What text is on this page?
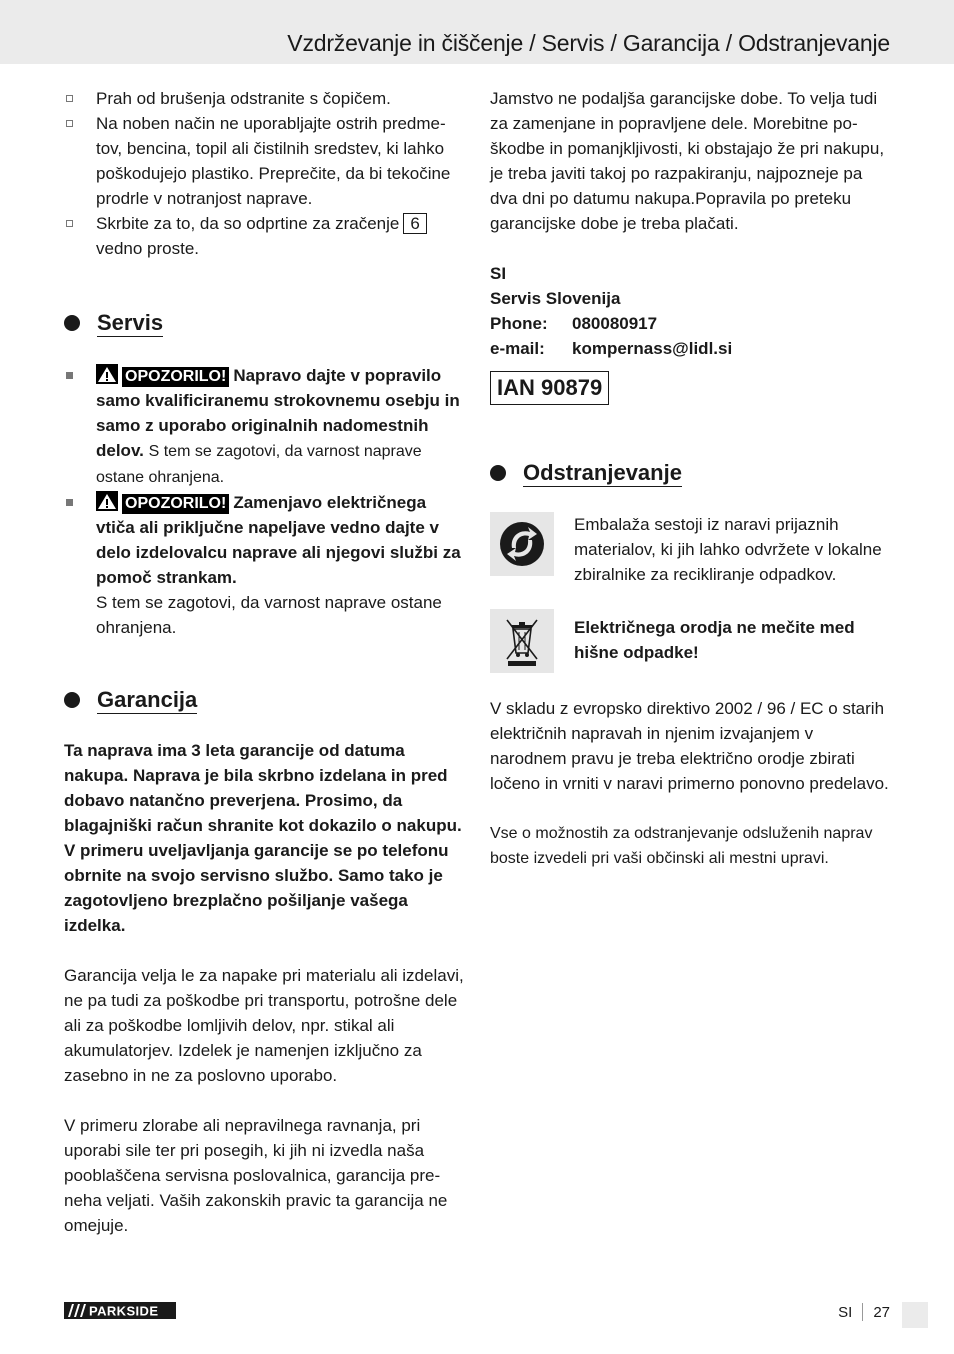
Vzdrževanje in čiščenje / Servis / Garancija / Odstranjevanje

Prah od brušenja odstranite s čopičem.

Na noben način ne uporabljajte ostrih predmetov, bencina, topil ali čistilnih sredstev, ki lahko poškodujejo plastiko. Preprečite, da bi tekočine prodrle v notranjost naprave.

Skrbite za to, da so odprtine za zračenje 6
vedno proste.

Servis

OPOZORILO! Napravo dajte v popravilo samo kvalificiranemu strokovnemu osebju in samo z uporabo originalnih nadomestnih delov. S tem se zagotovi, da varnost naprave ostane ohranjena.

OPOZORILO! Zamenjavo električnega vtiča ali priključne napeljave vedno dajte v delo izdelovalcu naprave ali njegovi službi za pomoč strankam.
S tem se zagotovi, da varnost naprave ostane ohranjena.

Garancija

Ta naprava ima 3 leta garancije od datuma nakupa. Naprava je bila skrbno izdelana in pred dobavo natančno preverjena. Prosimo, da blagajniški račun shranite kot dokazilo o nakupu. V primeru uveljavljanja garancije se po telefonu obrnite na svojo servisno službo. Samo tako je zagotovljeno brezplačno pošiljanje vašega izdelka.

Garancija velja le za napake pri materialu ali izdelavi, ne pa tudi za poškodbe pri transportu, potrošne dele ali za poškodbe lomljivih delov, npr. stikal ali akumulatorjev. Izdelek je namenjen izključno za zasebno in ne za poslovno uporabo.

V primeru zlorabe ali nepravilnega ravnanja, pri uporabi sile ter pri posegih, ki jih ni izvedla naša pooblaščena servisna poslovalnica, garancija preneha veljati. Vaših zakonskih pravic ta garancija ne omejuje.

Jamstvo ne podaljša garancijske dobe. To velja tudi za zamenjane in popravljene dele. Morebitne poškodbe in pomanjkljivosti, ki obstajajo že pri nakupu, je treba javiti takoj po razpakiranju, najpozneje pa dva dni po datumu nakupa.Popravila po preteku garancijske dobe je treba plačati.

SI

Servis Slovenija

Phone: 080080917

e-mail: kompernass@lidl.si

IAN 90879
Odstranjevanje

Embalaža sestoji iz naravi prijaznih materialov, ki jih lahko odvržete v lokalne zbiralnike za recikliranje odpadkov.

Električnega orodja ne mečite med hišne odpadke!

V skladu z evropsko direktivo 2002 / 96 / EC o starih električnih napravah in njenim izvajanjem v narodnem pravu je treba električno orodje zbirati ločeno in vrniti v naravi primerno ponovno predelavo.

Vse o možnostih za odstranjevanje odsluženih naprav boste izvedeli pri vaši občinski ali mestni upravi.

PARKSIDE	SI 27
